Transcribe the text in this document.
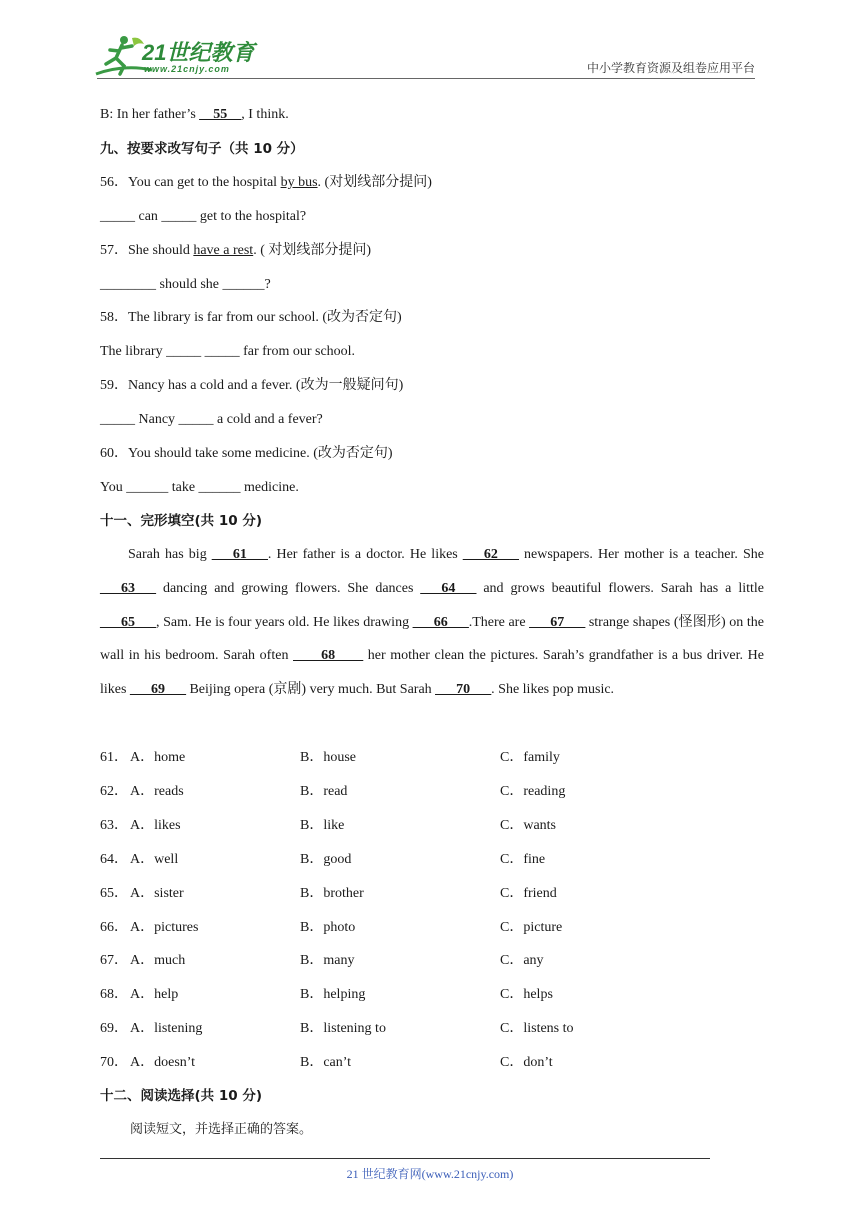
21世纪教育
www.21cnjy.com	中小学教育资源及组卷应用平台
B: In her father’s __55__, I think.
九、按要求改写句子（共 10 分）
56．You can get to the hospital by bus. (对划线部分提问)
_____ can _____ get to the hospital?
57．She should have a rest. ( 对划线部分提问)
________ should she ______?
58．The library is far from our school. (改为否定句)
The library _____ _____ far from our school.
59．Nancy has a cold and a fever. (改为一般疑问句)
_____ Nancy _____ a cold and a fever?
60．You should take some medicine. (改为否定句)
You ______ take ______ medicine.
十一、完形填空(共 10 分)
Sarah has big ___61___. Her father is a doctor. He likes ___62___ newspapers. Her mother is a teacher. She ___63___ dancing and growing flowers. She dances ___64___ and grows beautiful flowers. Sarah has a little ___65___, Sam. He is four years old. He likes drawing ___66___.There are ___67___ strange shapes (怪图形) on the wall in his bedroom. Sarah often ____68____ her mother clean the pictures. Sarah’s grandfather is a bus driver. He likes ___69___ Beijing opera (京剧) very much. But Sarah ___70___. She likes pop music.
61． A．home	B．house	C．family
62． A．reads	B．read	C．reading
63． A．likes	B．like	C．wants
64． A．well	B．good	C．fine
65． A．sister	B．brother	C．friend
66． A．pictures	B．photo	C．picture
67． A．much	B．many	C．any
68． A．help	B．helping	C．helps
69． A．listening	B．listening to	C．listens to
70． A．doesn’t	B．can’t	C．don’t
十二、阅读选择(共 10 分)
阅读短文，并选择正确的答案。
21 世纪教育网(www.21cnjy.com)
